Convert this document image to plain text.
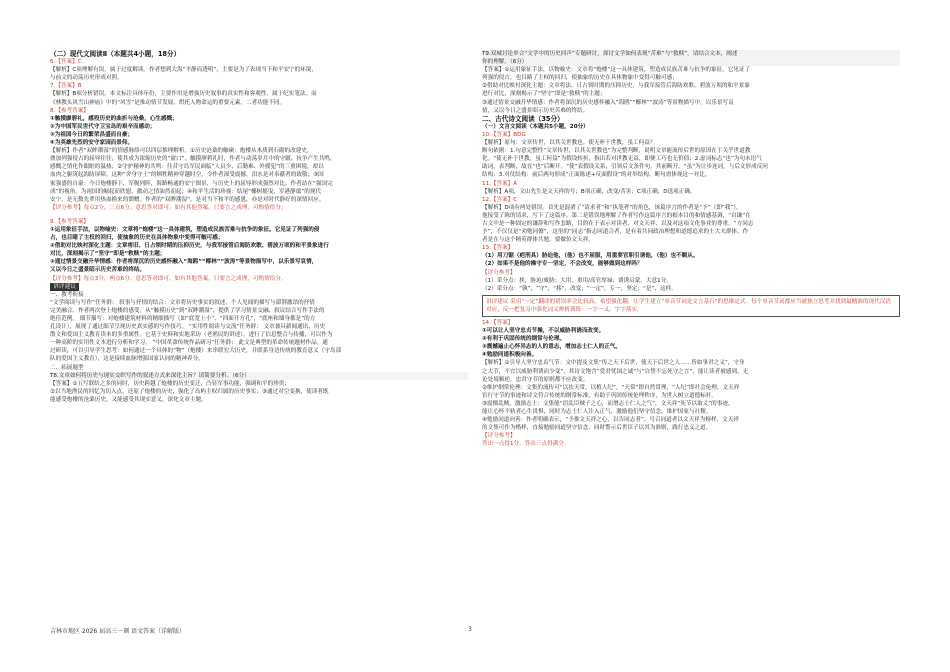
（二）现代文阅读Ⅱ（本题共4小题，18分）
6.【答案】C
【解析】C项理解有误，属于过度解读。作者想到大海“平静而透明”，主要是为了表现当下和平安宁的环境，
与前文的动荡历史形成对照。
7.【答案】B
【解析】B项分析错误。本文标注具体年份，主要作用是增强历史叙事的真实性和客观性，属于纪实笔法。而
《林教头风雪山神庙》中的“风雪”是推动情节发展、烘托人物命运的重要元素，二者功能不同。
8.【参考答案】
①触摸廖碧礼，感殁历史的曲折与沧桑，心生感慨；
②为中国军民世代守卫宝岛的艰辛而感动；
③为祖国今日的繁荣昌盛而自豪；
④为英雄先烈的安守家园而景仰。
【解析】作者“双眸潮湿”的情感脉络可以四层推理解析。①历史沧桑的触碰：炮楼从木质到石砌的改建史，
叠加列强侵占的屈辱往往，使其成为浓缩历史的“窗口”。触摸廖碧礼时，作者与动荡岁月中的守疆、抗争产生共鸣，
感慨之情化作眼眶的温热；②守护精神的共鸣：往昔守岛军民面临“人员少、后勤难、外援犯”的三重困境，却以
血肉之躯筑起海防屏障。这种“舍身守土”的牺牲精神穿越时空，令作者深受震撼，泪水是对奉献者的致敬；③国
家强盛的自豪：今日炮楼静下，军舰列阵，海路畅通的安宁图景，与历史上的屈辱形成强烈对比。作者站在“强国完
成”的视角，为祖国的崛起而欣慰，激动之情油然而起；④和平生活的珍视：结尾“椰树摇曳，军港静谧”的现代
安宁，是无数先辈用热血换来的馈赠。作者的“双眸潮湿”，是对当下和平的感恩，亦是对时代静好的深情回应。
【评分参考】每点2分，三点6分。意思答对即可。如有其他答案，只要言之成理，可酌情给分。
9.【参考答案】
①运用象征手法，以物喻史：文章将“炮楼”这一具体建筑，塑造成民族苦难与抗争的象征。它见证了列强的侵
占，也目睹了主权的回归，使抽象的历史在具体物象中变得可触可感；
②借助对比映衬深化主题：文章将旧、日占领时期的压抑历史，与我军接管后海防欢歌、碧波万顷的和平景象进行
对比，深刻揭示了“坚守”即是“救赎”的主题；
③通过情景交融升华情感：作者将深沉的历史感怀融入“海鸥”“椰林”“波涛”等景物描写中，以乐景写哀情，
又以今日之盛景昭示历史苦难的终结。
【评分参考】每点3分，两点6分。意思答对即可。如有其他答案，只要言之成理，可酌情给分。
讲评建议
一、教考衔接
“文学阅读与写作”任务群： 叙事与抒情的结合：文章将历史事实的叙述，个人见闻的描写与澎湃激昂的抒情
完美融合。作者两次登上炮楼的感受，从“触摸历史”到“双眸潮湿”，提供了学习情景交融、叙议结合写作手法的
绝佳范例。 细节描写：对炮楼建筑材料的精细描写（如“底宽上小”、“四面开方孔”，“底座和墙身都是”的方
孔设计），展现了通过细节呈现历史真实感的写作技巧。 “实用性阅读与交流”任务群： 文章兼具新闻通讯、历史
散文和爱国主义教育读本的多重属性。它基于史料和实地采访（老渔民的讲述），进行了信息整合与传播，可以作为
一种高阶的实用性文本进行分析和学习。 “中国革命传统作品研习”任务群： 此文是典型的革命传统题材作品。通
过研读，可以引导学生思考：如何通过一个具体的“物”（炮楼）来串联宏大历史，并联系身边传统的教育意义（守岛部
队的爱国主义教育），这是接续血脉增强国家认同的精神养分。
二、拓展题型
T8.文章如何将历史与现实交织写作的叙述方式来深化主旨？请简要分析。（6分）
【答案】①五写联结之多的同时，历史跨越了炮楼的历史变迁，凸显军事功能，强调和平的珍贵；
②以当地渔民的回忆为切入点，还原了炮楼的历史，强化了岛屿主权归属的历史事实；③通过对空变换，使读者既
能感受炮楼的沧桑历史，又能感受其现实意义，深化文章主题。
T9.双城讨论单合“文学中的历史回声”专题研讨，探讨文学如何表现“苦难”与“救赎”，请结合文本，阐述
你的理解。（6分）
【答案】①运用象征手法，以物喻史：文章将“炮楼”这一具体建筑，塑造成民族苦难与抗争的象征。它见证了
列强的侵占，也目睹了主权的回归，使抽象的历史在具体物象中变得可触可感；
②借助对比映衬深化主题：文章将法、日占领时期的压抑历史，与我军接管后海防欢歌、碧波万顷的和平景象
进行对比，深刻揭示了“坚守”即是“救赎”的主题；
③通过情景交融升华情感：作者将深沉的历史感怀融入“海鸥”“椰林”“波涛”等景物描写中，以乐景写哀
情，又以今日之盛景昭示历史苦难的终结。
二、古代诗文阅读（35分）
（一）文言文阅读（本题共5小题，20分）
10.【答案】BDG
【解析】原句：文章传世，以其关世教也。使无补于世教，虽工何益？
断句依据：1.句意完整性“文章传世，以其关世教也”为完整判断，说明文章能流传后世的原因在于关乎世道教
化。“使无补于世教，虽工何益”为假设转折，指出若对世教无益，即便工巧也无价值；2.虚词标志“也”为句末语气
助词，表判断，故在“也”后断开。“使”表假设关系，引领后文条件句，其前断开。“虽”为让步连词，与后文形成反问
结构；3.对仗结构：前后两句形成“正面陈述+反面假设”的对举结构，断句需体现这一对比。
11.【答案】A
【解析】A项，文山先生是文天祥的号；B项正确，改变/苦害；C项正确，D选项正确。
12.【答案】C
【解析】D项有两处错误。首先是混淆了“请求者”和“执笔者”的角色，该篇序言的作者是“予”（即“我”），
他接受了陈的请求，写下了这篇序。第二是错误地理解了作者写作这篇序言的根本目的和情感基调，“自谦”在
古文中是一种固定的谦辞和写作套路，目的在于表示对读者、对文天祥、以及对这项文化事业的尊重。“方同志
予”，不仅仅是“劝勉同僚”，这里的“同志”指志同道合者，是有着共同政治理想和道德追求的士大夫群体。作
者是在与这个精英群体共勉，要做仿文天祥。
13.【答案】
（1）用刀锯（疤刑具）胁迫他，（他）也不屈服，用重要官职引诱他，（他）也不顺从。
（2）如果不是他的操守专一坚定，不会改变，能够做到这样吗？
【评分参考】
（1）采分点：挟，胁迫/威胁；大用，重用/高官厚禄；诱诱启蒙，大意1分。
（2）采分点：“孰”，“守”，“移”，改变；“一定”，专一，坚定；“是”，这样。
讲评建议 采用“一定”翻译的错误率会比较高，希望强化翻，让学生建立“单音节词是文言基石”的思维定式。每个单音节词都应当被独立思考并找到最精准的现代汉语对应，反一把复习中强化词义辨析训练：一字一义、字字落实。
14.【答案】
①可以让人坚守忠贞节操，不以威胁利诱而改变。
②有利于巩固传统的纲常与伦理。
③震撼遍止心怀异志的人的意志，增加志士仁人的正气。
④勉励同道积极向善。
【解析】①引导人坚守忠贞气节：文中提及文集“传之天下后世，使天下后世之人……皆如事君之义”，守身
之大节，不宜以威胁利诱而少变”，其诗文饱含“爱君忧国之诚”与“自誓不忘死守之言”，能让读者被感到，无
论处境顺逆，忠君守节的原则都不应改变。
②维护纲常伦理：文集的流传可“以扶天常，以植人纪”。“天常”即自然常理，“人纪”即社会伦理，文天祥
宦行守节的事迹和诗文符合传统的纲常标准，有助于巩固传统伦理秩序，为世人树立道德标杆。
③震慑乱贼，激励志士：文集能“沮乱臣贼子之心，而增志士仁人之气”，文天祥“死节以取义”的事迹，
能让心怀不轨者心生畏惧，同时为志士仁人注入正气，激励他们坚守信念，维护国家与社稷。
④勉励同道向善：作者明确表示，“予推文天祥之心，以告同志者”，号召同道者以文天祥为榜样，文天祥
的文集可作为楷样，直接勉励同道坚守信念，同时警示后世臣子以其为准则，践行忠义之道。
【评分参考】
答出一点得1分，答出三点得满分。
吉林市地区 2026 届高三一调 语文答案（详解版）	3
